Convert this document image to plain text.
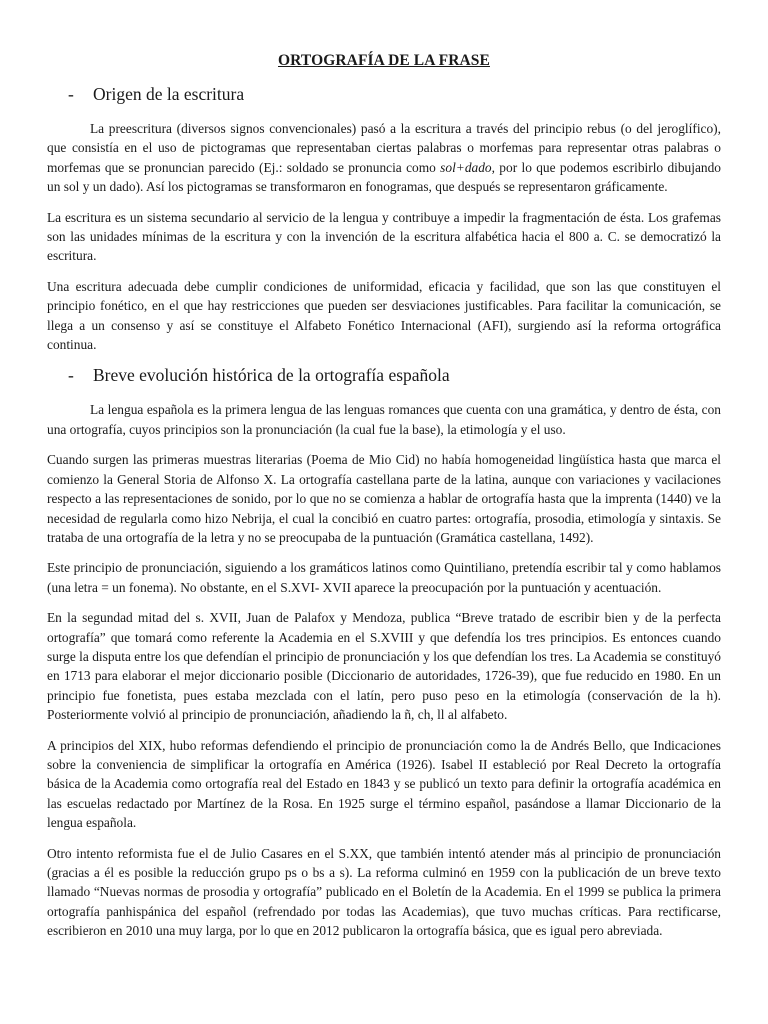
ORTOGRAFÍA DE LA FRASE
-	Origen de la escritura

La preescritura (diversos signos convencionales) pasó a la escritura a través del principio rebus (o del jeroglífico), que consistía en el uso de pictogramas que representaban ciertas palabras o morfemas para representar otras palabras o morfemas que se pronuncian parecido (Ej.: soldado se pronuncia como sol+dado, por lo que podemos escribirlo dibujando un sol y un dado). Así los pictogramas se transformaron en fonogramas, que después se representaron gráficamente.

La escritura es un sistema secundario al servicio de la lengua y contribuye a impedir la fragmentación de ésta. Los grafemas son las unidades mínimas de la escritura y con la invención de la escritura alfabética hacia el 800 a. C. se democratizó la escritura.

Una escritura adecuada debe cumplir condiciones de uniformidad, eficacia y facilidad, que son las que constituyen el principio fonético, en el que hay restricciones que pueden ser desviaciones justificables. Para facilitar la comunicación, se llega a un consenso y así se constituye el Alfabeto Fonético Internacional (AFI), surgiendo así la reforma ortográfica continua.

-	Breve evolución histórica de la ortografía española

La lengua española es la primera lengua de las lenguas romances que cuenta con una gramática, y dentro de ésta, con una ortografía, cuyos principios son la pronunciación (la cual fue la base), la etimología y el uso.

Cuando surgen las primeras muestras literarias (Poema de Mio Cid) no había homogeneidad lingüística hasta que marca el comienzo la General Storia de Alfonso X. La ortografía castellana parte de la latina, aunque con variaciones y vacilaciones respecto a las representaciones de sonido, por lo que no se comienza a hablar de ortografía hasta que la imprenta (1440) ve la necesidad de regularla como hizo Nebrija, el cual la concibió en cuatro partes: ortografía, prosodia, etimología y sintaxis. Se trataba de una ortografía de la letra y no se preocupaba de la puntuación (Gramática castellana, 1492).

Este principio de pronunciación, siguiendo a los gramáticos latinos como Quintiliano, pretendía escribir tal y como hablamos (una letra = un fonema). No obstante, en el S.XVI- XVII aparece la preocupación por la puntuación y acentuación.

En la segundad mitad del s. XVII, Juan de Palafox y Mendoza, publica “Breve tratado de escribir bien y de la perfecta ortografía” que tomará como referente la Academia en el S.XVIII y que defendía los tres principios. Es entonces cuando surge la disputa entre los que defendían el principio de pronunciación y los que defendían los tres. La Academia se constituyó en 1713 para elaborar el mejor diccionario posible (Diccionario de autoridades, 1726-39), que fue reducido en 1980. En un principio fue fonetista, pues estaba mezclada con el latín, pero puso peso en la etimología (conservación de la h). Posteriormente volvió al principio de pronunciación, añadiendo la ñ, ch, ll al alfabeto.

A principios del XIX, hubo reformas defendiendo el principio de pronunciación como la de Andrés Bello, que Indicaciones sobre la conveniencia de simplificar la ortografía en América (1926). Isabel II estableció por Real Decreto la ortografía básica de la Academia como ortografía real del Estado en 1843 y se publicó un texto para definir la ortografía académica en las escuelas redactado por Martínez de la Rosa. En 1925 surge el término español, pasándose a llamar Diccionario de la lengua española.

Otro intento reformista fue el de Julio Casares en el S.XX, que también intentó atender más al principio de pronunciación (gracias a él es posible la reducción grupo ps o bs a s). La reforma culminó en 1959 con la publicación de un breve texto llamado “Nuevas normas de prosodia y ortografía” publicado en el Boletín de la Academia. En el 1999 se publica la primera ortografía panhispánica del español (refrendado por todas las Academias), que tuvo muchas críticas. Para rectificarse, escribieron en 2010 una muy larga, por lo que en 2012 publicaron la ortografía básica, que es igual pero abreviada.
